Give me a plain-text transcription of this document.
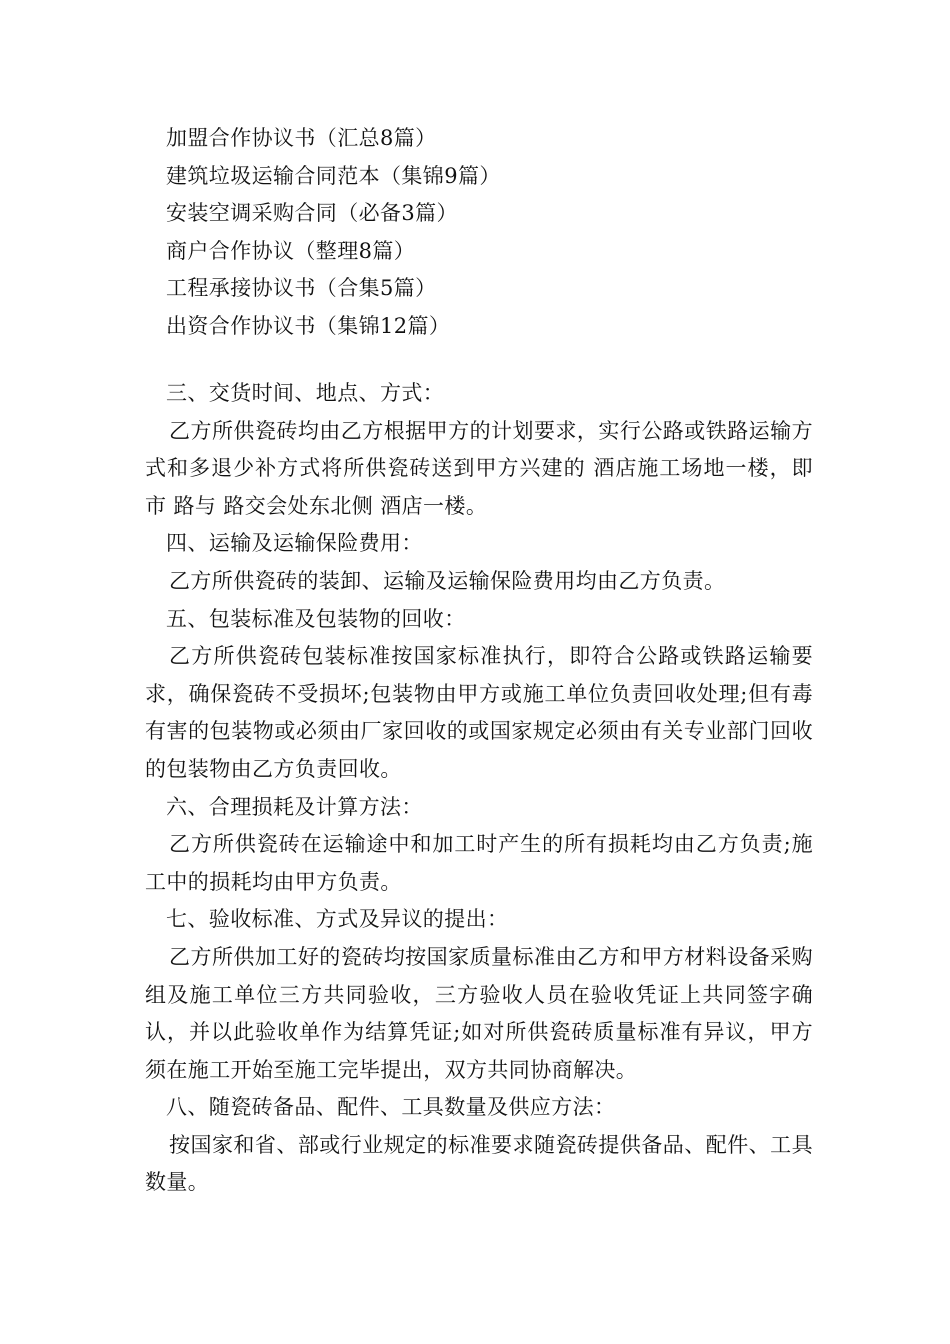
加盟合作协议书（汇总8篇）
建筑垃圾运输合同范本（集锦9篇）
安装空调采购合同（必备3篇）
商户合作协议（整理8篇）
工程承接协议书（合集5篇）
出资合作协议书（集锦12篇）

三、交货时间、地点、方式：

乙方所供瓷砖均由乙方根据甲方的计划要求，实行公路或铁路运输方式和多退少补方式将所供瓷砖送到甲方兴建的 酒店施工场地一楼，即 市 路与 路交会处东北侧 酒店一楼。

四、运输及运输保险费用：

乙方所供瓷砖的装卸、运输及运输保险费用均由乙方负责。

五、包装标准及包装物的回收：

乙方所供瓷砖包装标准按国家标准执行，即符合公路或铁路运输要求，确保瓷砖不受损坏;包装物由甲方或施工单位负责回收处理;但有毒有害的包装物或必须由厂家回收的或国家规定必须由有关专业部门回收的包装物由乙方负责回收。

六、合理损耗及计算方法：

乙方所供瓷砖在运输途中和加工时产生的所有损耗均由乙方负责;施工中的损耗均由甲方负责。

七、验收标准、方式及异议的提出：

乙方所供加工好的瓷砖均按国家质量标准由乙方和甲方材料设备采购组及施工单位三方共同验收，三方验收人员在验收凭证上共同签字确认，并以此验收单作为结算凭证;如对所供瓷砖质量标准有异议，甲方须在施工开始至施工完毕提出，双方共同协商解决。

八、随瓷砖备品、配件、工具数量及供应方法：

按国家和省、部或行业规定的标准要求随瓷砖提供备品、配件、工具数量。
